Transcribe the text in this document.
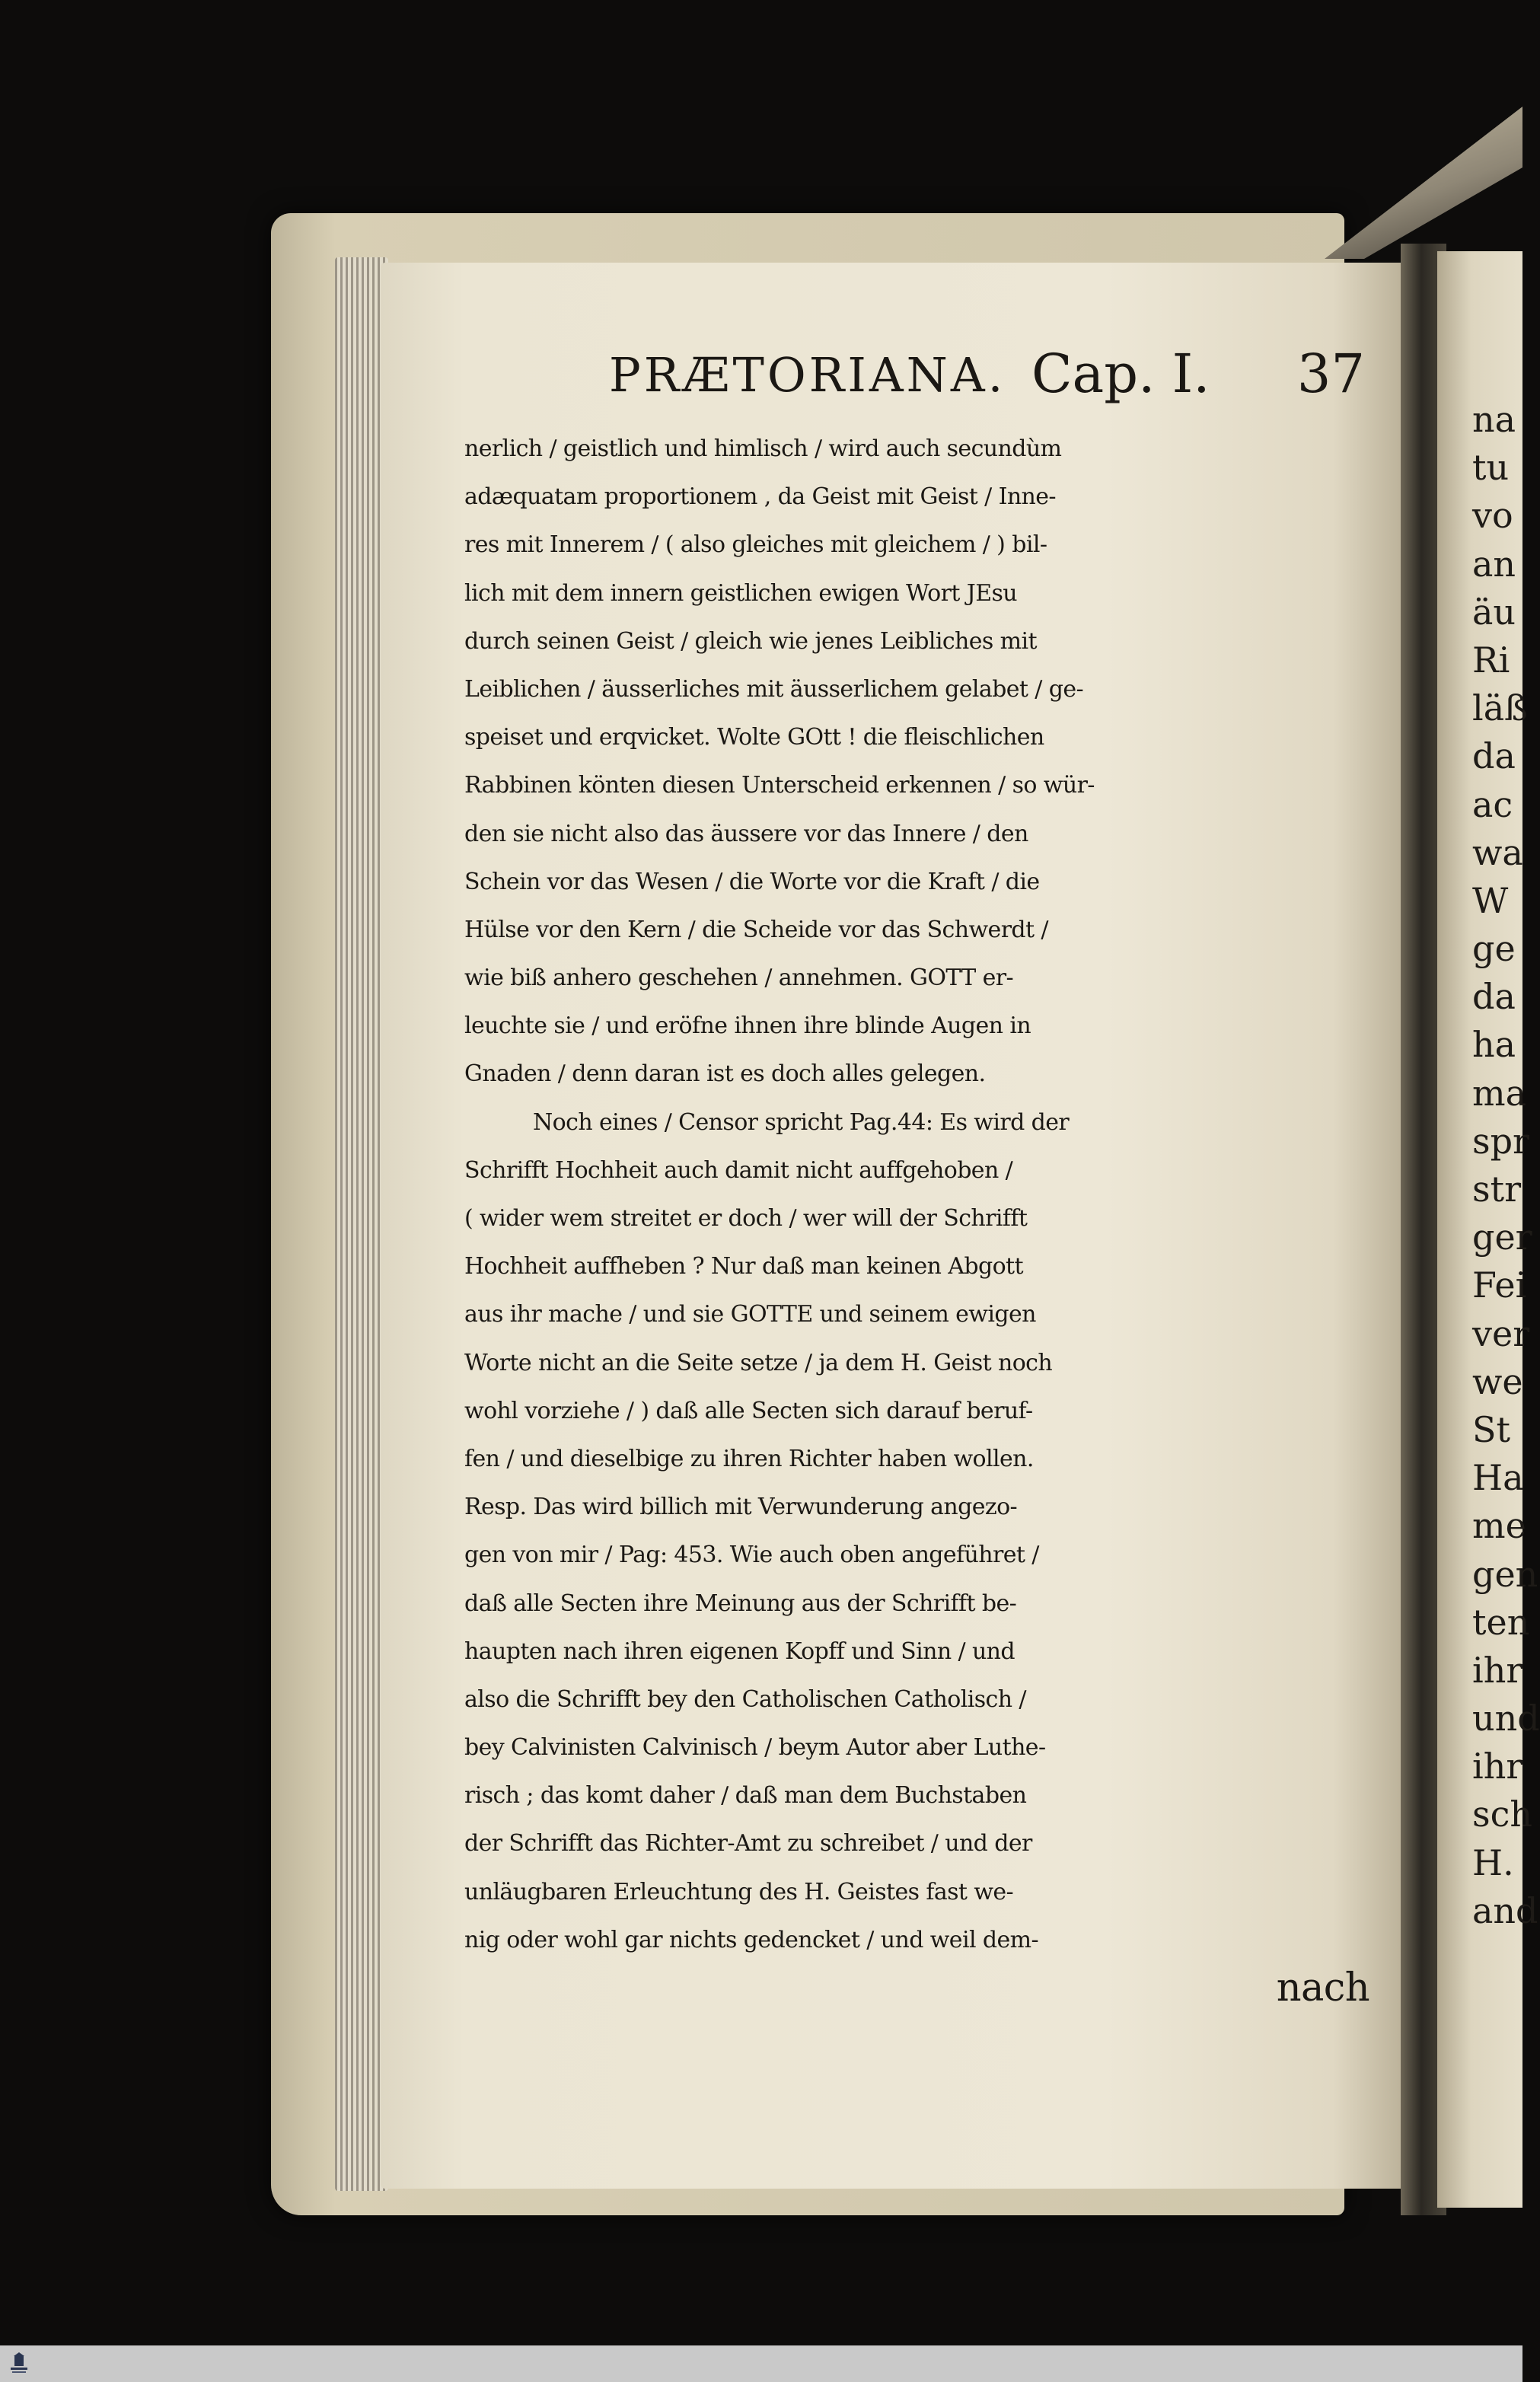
PRÆTORIANA. Cap. I. 37
nerlich / geistlich und himlisch / wird auch secundùm
adæquatam proportionem , da Geist mit Geist / Inne-
res mit Innerem / ( also gleiches mit gleichem / ) bil-
lich mit dem innern geistlichen ewigen Wort JEsu
durch seinen Geist / gleich wie jenes Leibliches mit
Leiblichen / äusserliches mit äusserlichem gelabet / ge-
speiset und erqvicket. Wolte GOtt ! die fleischlichen
Rabbinen könten diesen Unterscheid erkennen / so wür-
den sie nicht also das äussere vor das Innere / den
Schein vor das Wesen / die Worte vor die Kraft / die
Hülse vor den Kern / die Scheide vor das Schwerdt /
wie biß anhero geschehen / annehmen. GOTT er-
leuchte sie / und eröfne ihnen ihre blinde Augen in
Gnaden / denn daran ist es doch alles gelegen.
Noch eines / Censor spricht Pag.44: Es wird der
Schrifft Hochheit auch damit nicht auffgehoben /
( wider wem streitet er doch / wer will der Schrifft
Hochheit auffheben ? Nur daß man keinen Abgott
aus ihr mache / und sie GOTTE und seinem ewigen
Worte nicht an die Seite setze / ja dem H. Geist noch
wohl vorziehe / ) daß alle Secten sich darauf beruf-
fen / und dieselbige zu ihren Richter haben wollen.
Resp. Das wird billich mit Verwunderung angezo-
gen von mir / Pag: 453. Wie auch oben angeführet /
daß alle Secten ihre Meinung aus der Schrifft be-
haupten nach ihren eigenen Kopff und Sinn / und
also die Schrifft bey den Catholischen Catholisch /
bey Calvinisten Calvinisch / beym Autor aber Luthe-
risch ; das komt daher / daß man dem Buchstaben
der Schrifft das Richter-Amt zu schreibet / und der
unläugbaren Erleuchtung des H. Geistes fast we-
nig oder wohl gar nichts gedencket / und weil dem-
nach
na
tu
vo
an
äu
Ri
läß
da
ac
wa
W
ge
da
ha
ma
spr
str
ger
Fei
ver
we
St
Ha
me
gen
ten
ihr
und
ihr
sch
H.
and
